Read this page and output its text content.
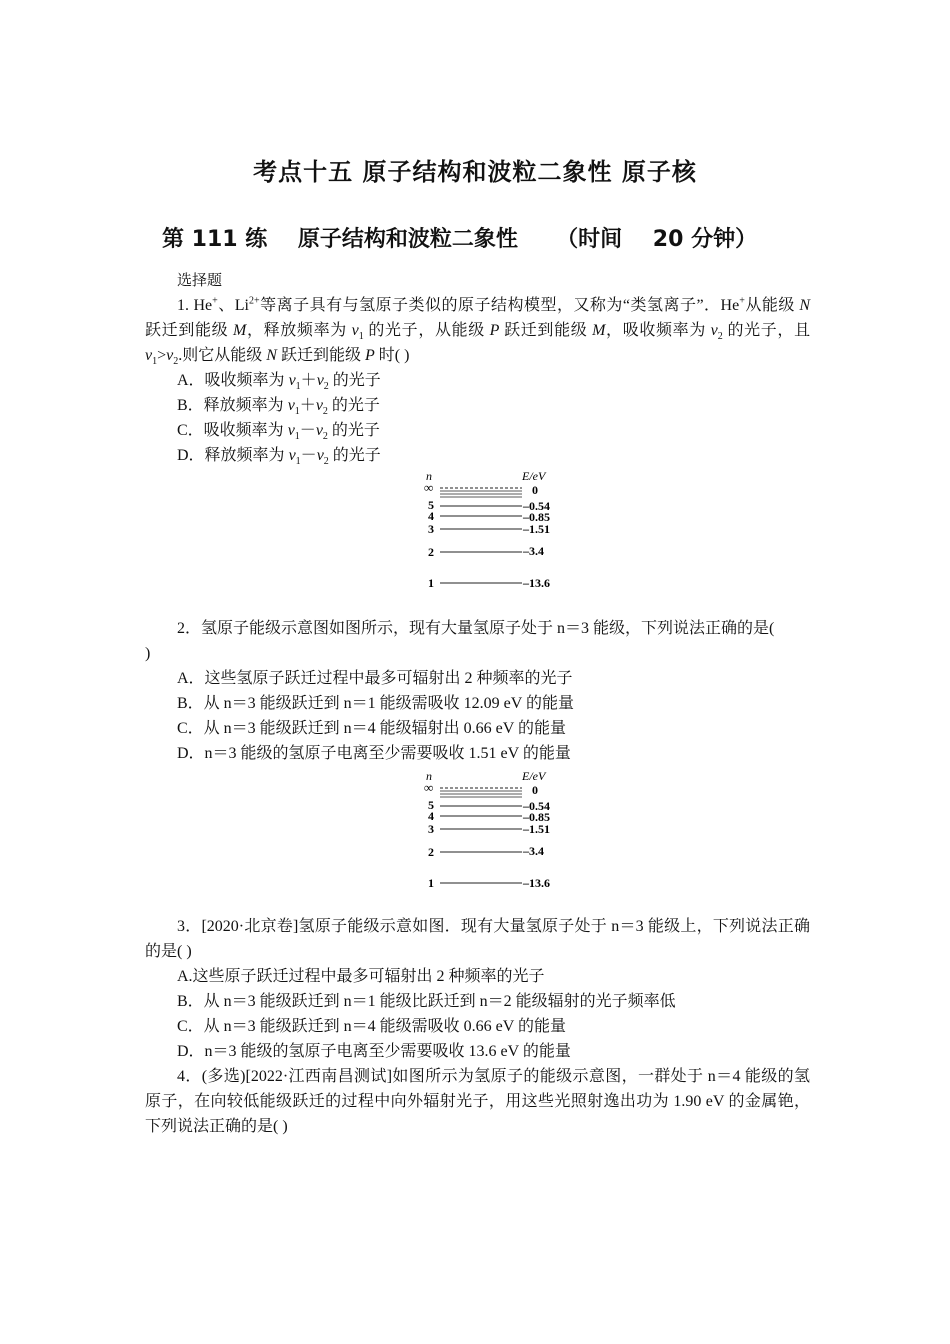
考点十五 原子结构和波粒二象性 原子核
第 111 练    原子结构和波粒二象性     （时间    20 分钟）

选择题

1. He+、$Li^{2+}$等离子具有与氢原子类似的原子结构模型，又称为“类氢离子”．He+从能级 N 跃迁到能级 M，释放频率为 $v_1$ 的光子，从能级 P 跃迁到能级 M，吸收频率为 $v_2$ 的光子，且 $v_1>v_2$.则它从能级 N 跃迁到能级 P 时( )

A．吸收频率为 $v_1+v_2$ 的光子

B．释放频率为 $v_1+v_2$ 的光子

C．吸收频率为 $v_1-v_2$ 的光子

D．释放频率为 $v_1-v_2$ 的光子

n	E/eV
∞	0
5	–0.54
4	–0.85
3	–1.51
2	–3.4
1	–13.6

2．氢原子能级示意图如图所示，现有大量氢原子处于 n＝3 能级，下列说法正确的是(

)

A．这些氢原子跃迁过程中最多可辐射出 2 种频率的光子

B．从 n＝3 能级跃迁到 n＝1 能级需吸收 12.09 eV 的能量

C．从 n＝3 能级跃迁到 n＝4 能级辐射出 0.66 eV 的能量

D．n＝3 能级的氢原子电离至少需要吸收 1.51 eV 的能量

n	E/eV
∞	0
5	–0.54
4	–0.85
3	–1.51
2	–3.4
1	–13.6

3．[2020·北京卷]氢原子能级示意如图．现有大量氢原子处于 n＝3 能级上，下列说法正确的是( )

A.这些原子跃迁过程中最多可辐射出 2 种频率的光子

B．从 n＝3 能级跃迁到 n＝1 能级比跃迁到 n＝2 能级辐射的光子频率低

C．从 n＝3 能级跃迁到 n＝4 能级需吸收 0.66 eV 的能量

D．n＝3 能级的氢原子电离至少需要吸收 13.6 eV 的能量

4．(多选)[2022·江西南昌测试]如图所示为氢原子的能级示意图，一群处于 n＝4 能级的氢原子，在向较低能级跃迁的过程中向外辐射光子，用这些光照射逸出功为 1.90 eV 的金属铯，下列说法正确的是( )
